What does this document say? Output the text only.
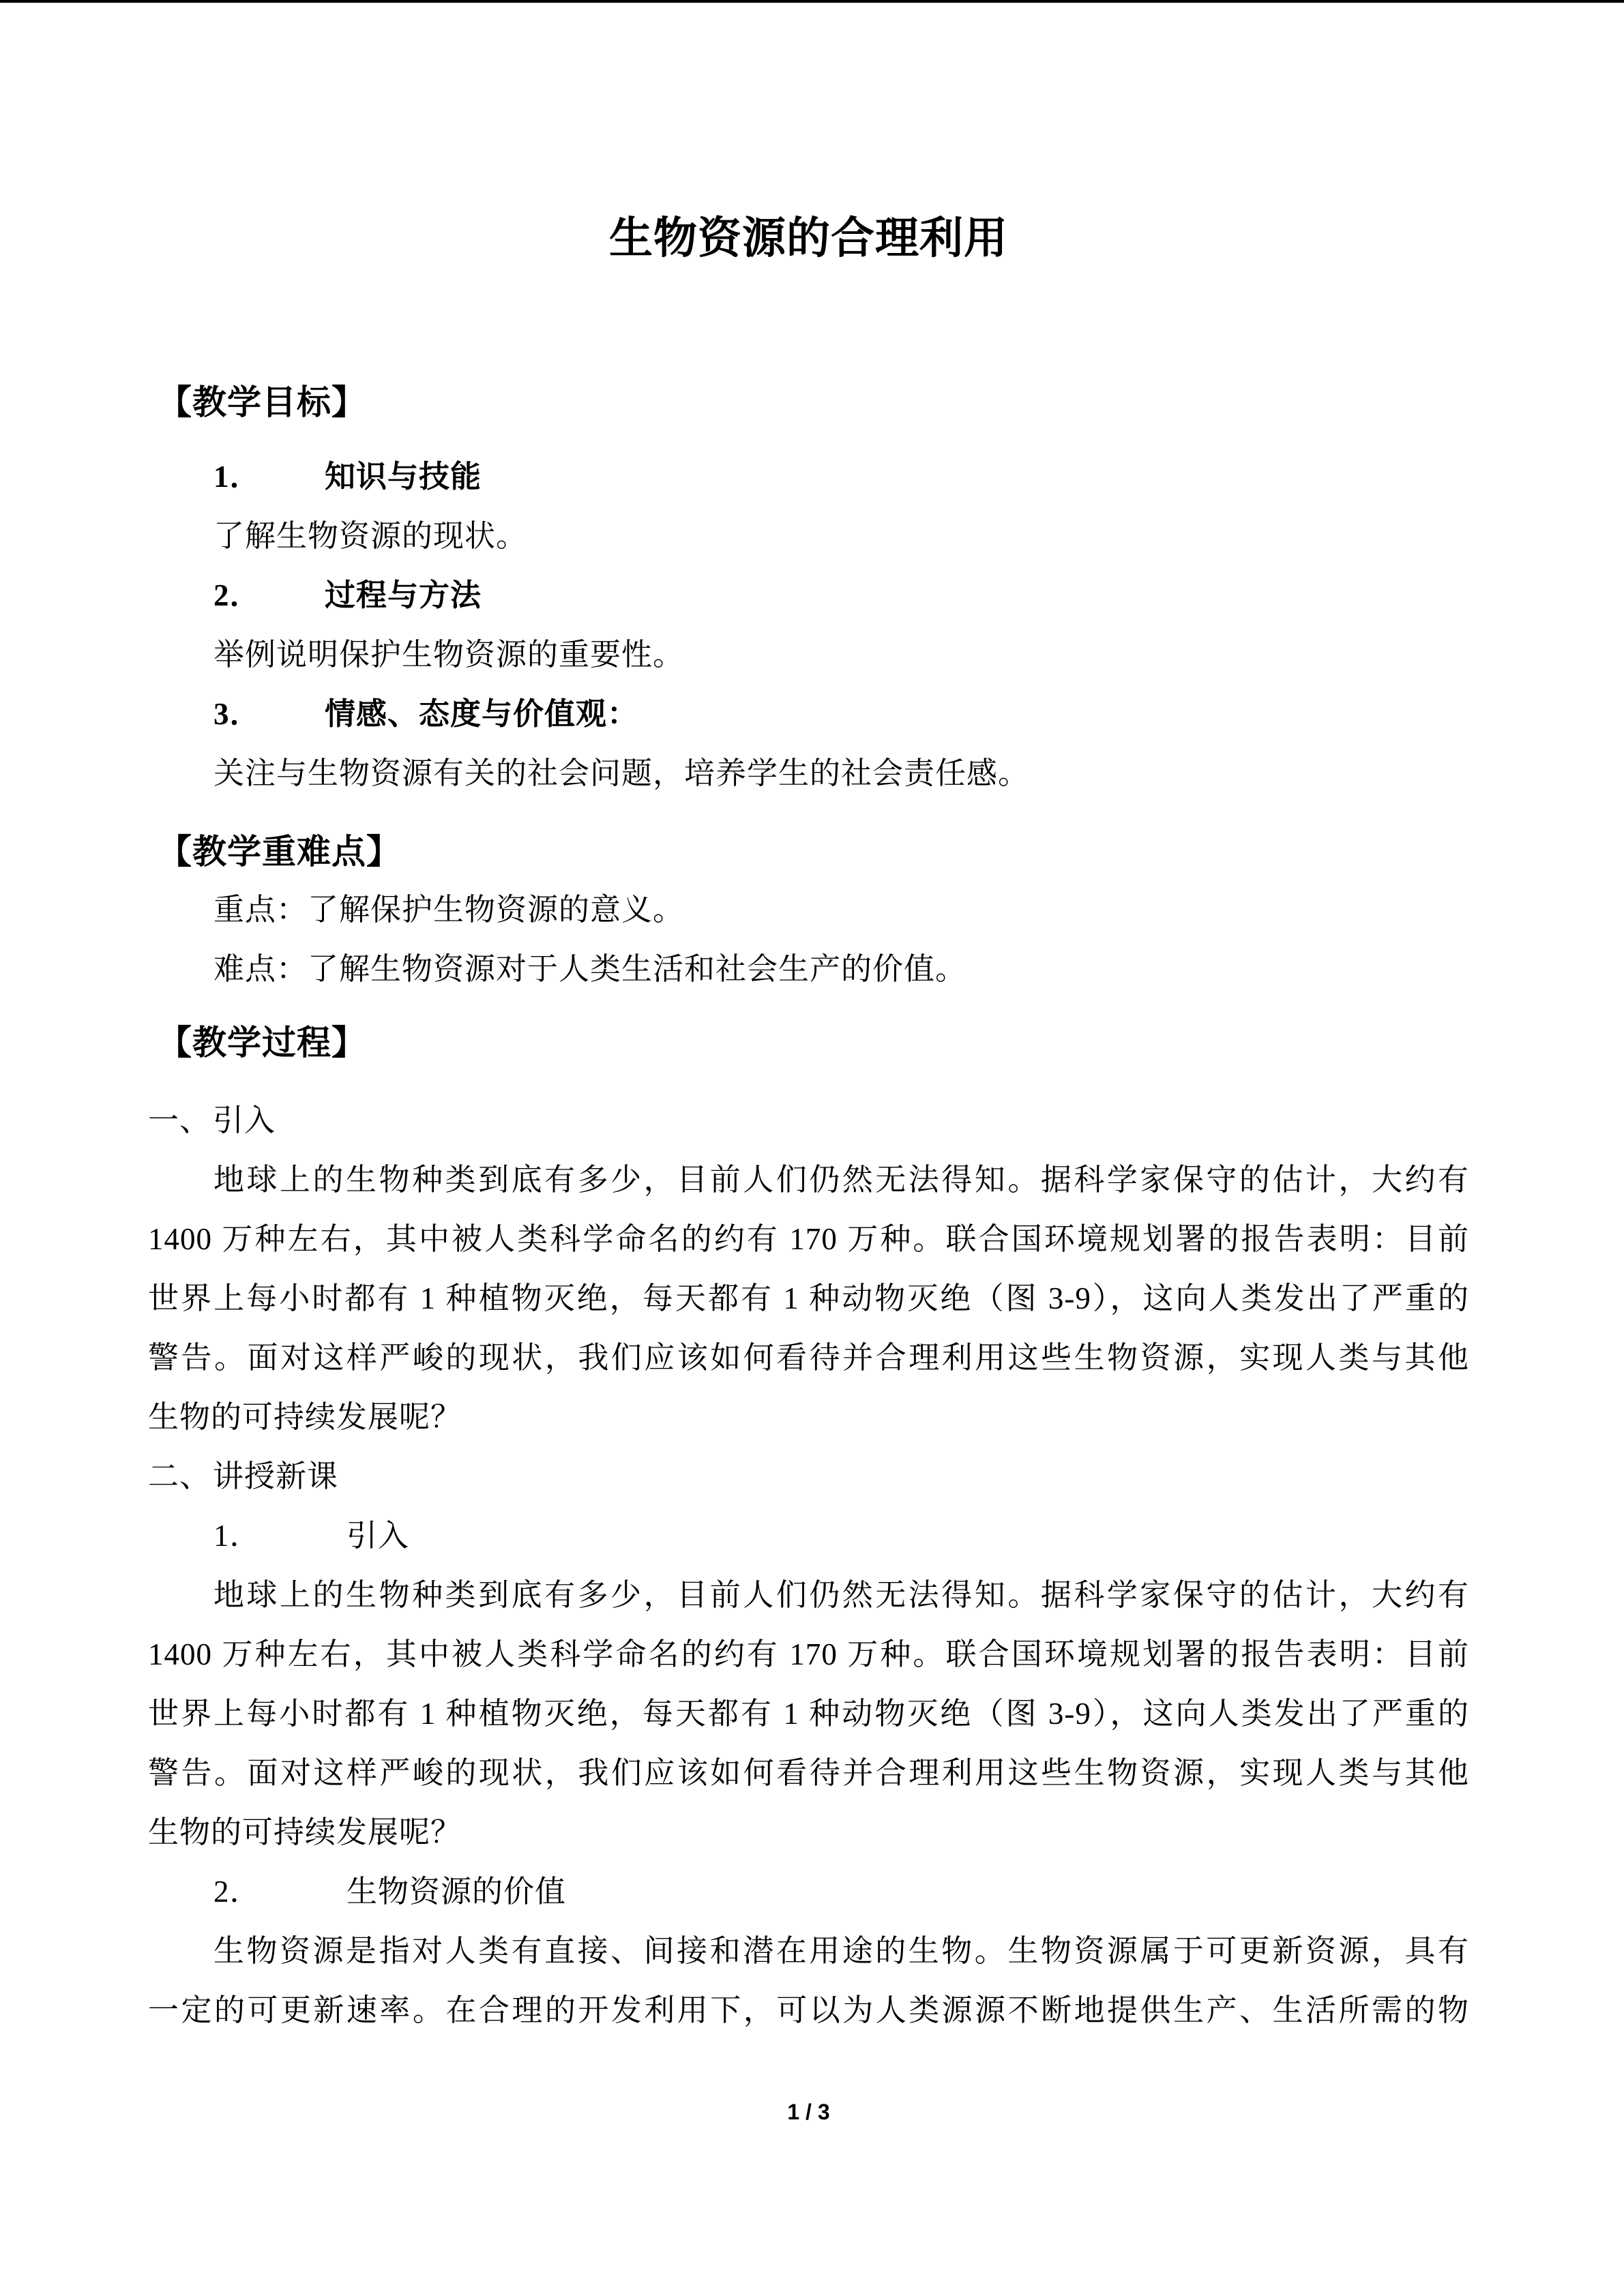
生物资源的合理利用
【教学目标】
1． 知识与技能
了解生物资源的现状。
2． 过程与方法
举例说明保护生物资源的重要性。
3． 情感、态度与价值观：
关注与生物资源有关的社会问题，培养学生的社会责任感。
【教学重难点】
重点：了解保护生物资源的意义。
难点：了解生物资源对于人类生活和社会生产的价值。
【教学过程】
一、引入
地球上的生物种类到底有多少，目前人们仍然无法得知。据科学家保守的估计，大约有
1400 万种左右，其中被人类科学命名的约有 170 万种。联合国环境规划署的报告表明：目前
世界上每小时都有 1 种植物灭绝，每天都有 1 种动物灭绝（图 3-9），这向人类发出了严重的
警告。面对这样严峻的现状，我们应该如何看待并合理利用这些生物资源，实现人类与其他
生物的可持续发展呢？
二、讲授新课
1．	引入
地球上的生物种类到底有多少，目前人们仍然无法得知。据科学家保守的估计，大约有
1400 万种左右，其中被人类科学命名的约有 170 万种。联合国环境规划署的报告表明：目前
世界上每小时都有 1 种植物灭绝，每天都有 1 种动物灭绝（图 3-9），这向人类发出了严重的
警告。面对这样严峻的现状，我们应该如何看待并合理利用这些生物资源，实现人类与其他
生物的可持续发展呢？
2．	生物资源的价值
生物资源是指对人类有直接、间接和潜在用途的生物。生物资源属于可更新资源，具有
一定的可更新速率。在合理的开发利用下，可以为人类源源不断地提供生产、生活所需的物
1 / 3
